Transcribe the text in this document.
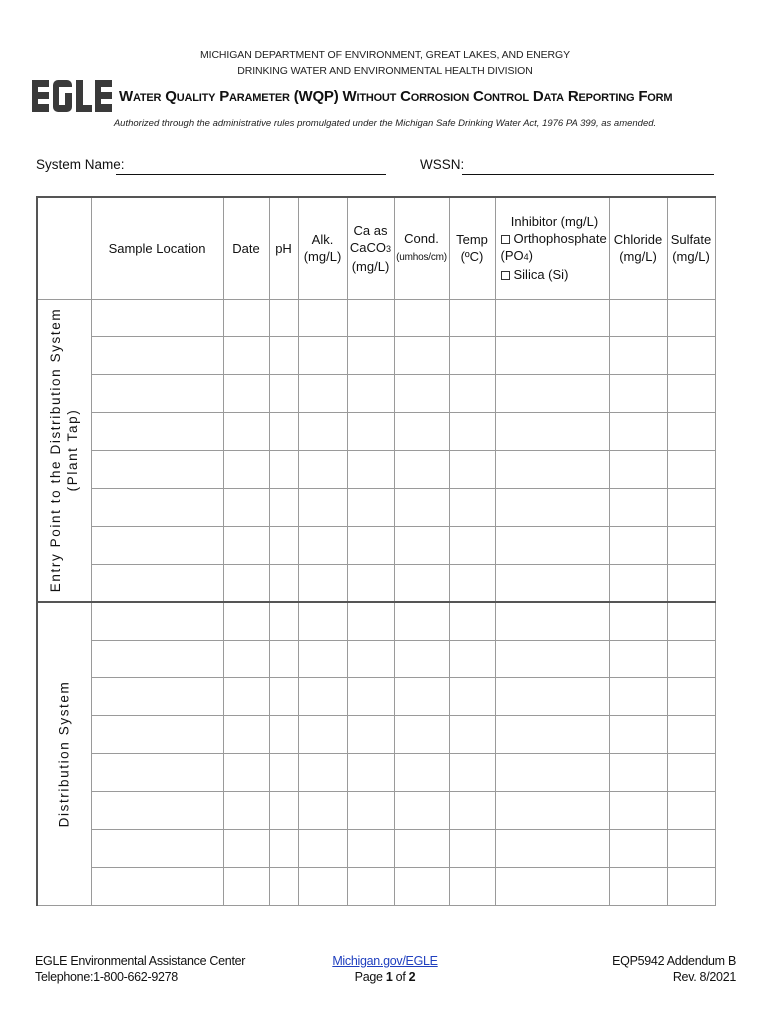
MICHIGAN DEPARTMENT OF ENVIRONMENT, GREAT LAKES, AND ENERGY
DRINKING WATER AND ENVIRONMENTAL HEALTH DIVISION
Water Quality Parameter (WQP) Without Corrosion Control Data Reporting Form
Authorized through the administrative rules promulgated under the Michigan Safe Drinking Water Act, 1976 PA 399, as amended.
System Name:	WSSN:
	Sample Location	Date	pH	Alk.
(mg/L)	Ca as
CaCO3
(mg/L)	Cond.
(umhos/cm)	Temp
(ºC)	Inhibitor (mg/L)
Orthophosphate
(PO4)
Silica (Si)	Chloride
(mg/L)	Sulfate
(mg/L)

Entry Point to the Distribution System (Plant Tap)										

Distribution System										

EGLE Environmental Assistance Center
Telephone:1-800-662-9278
Michigan.gov/EGLE
Page 1 of 2
EQP5942 Addendum B
Rev. 8/2021
